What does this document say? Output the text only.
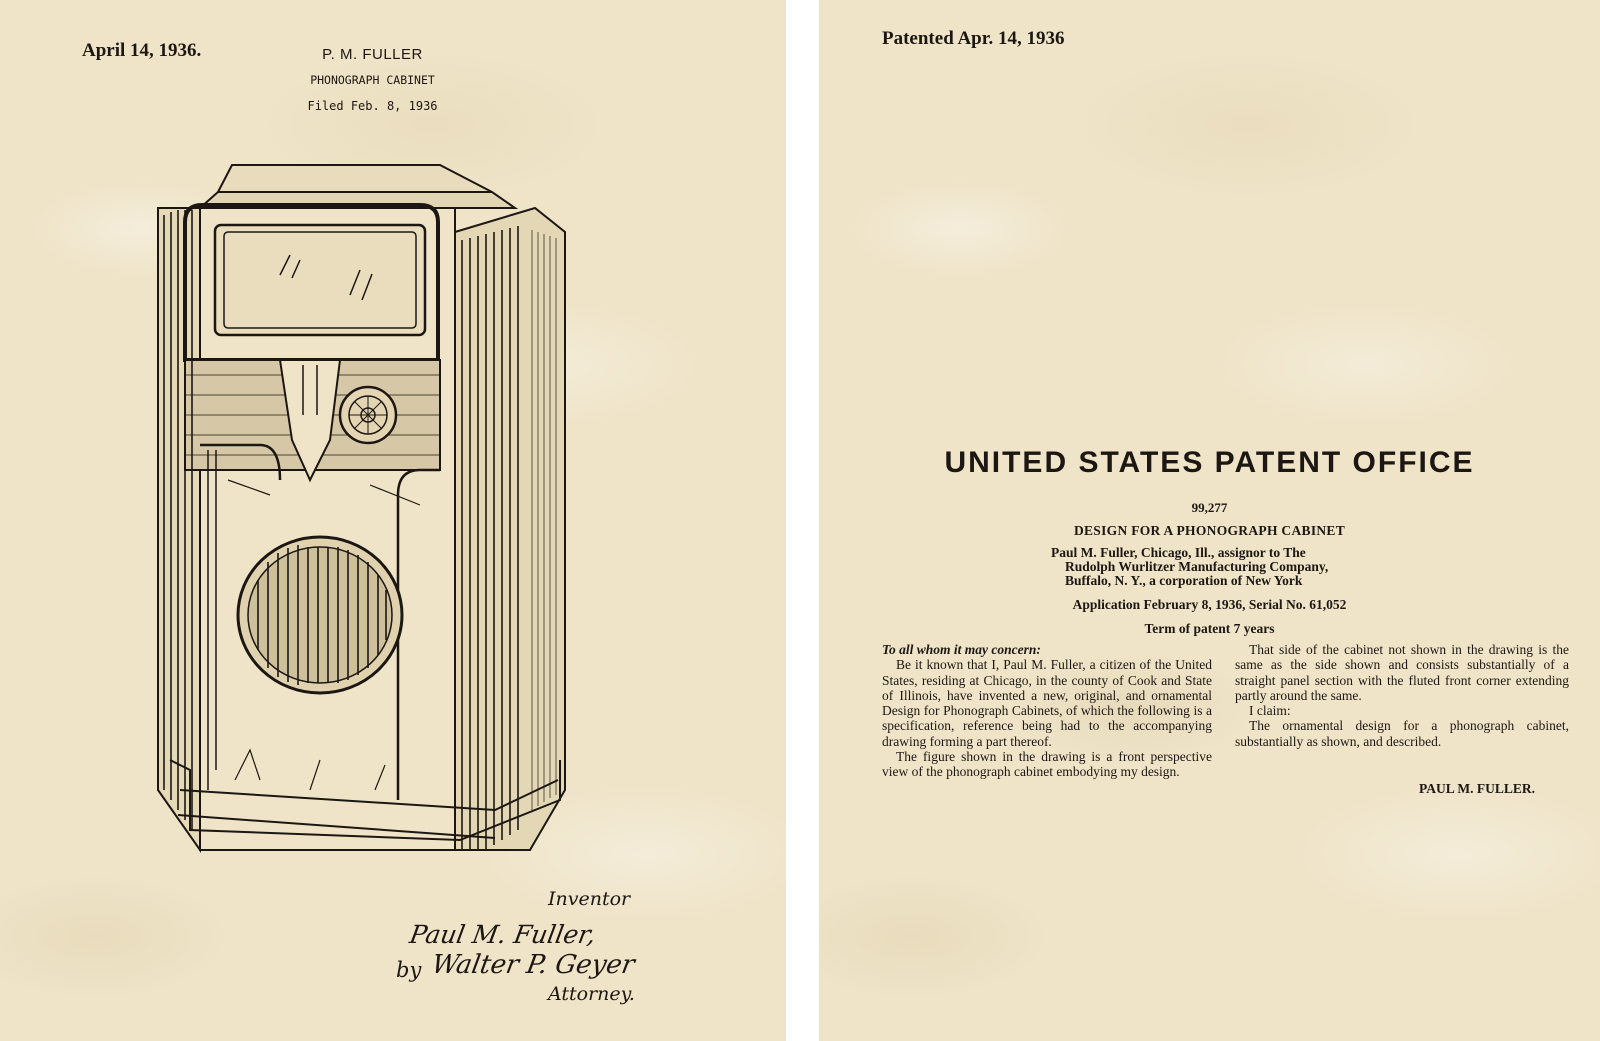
April 14, 1936.	P. M. FULLER
PHONOGRAPH CABINET
Filed Feb. 8, 1936
Inventor
Paul M. Fuller,
by Walter P. Geyer
Attorney.
Patented Apr. 14, 1936
UNITED STATES PATENT OFFICE
99,277
DESIGN FOR A PHONOGRAPH CABINET
Paul M. Fuller, Chicago, Ill., assignor to The
Rudolph Wurlitzer Manufacturing Company,
Buffalo, N. Y., a corporation of New York
Application February 8, 1936, Serial No. 61,052
Term of patent 7 years

To all whom it may concern:

Be it known that I, Paul M. Fuller, a citizen of the United States, residing at Chicago, in the county of Cook and State of Illinois, have invented a new, original, and ornamental Design for Phonograph Cabinets, of which the following is a specification, reference being had to the accompanying drawing forming a part thereof.

The figure shown in the drawing is a front perspective view of the phonograph cabinet embodying my design.

That side of the cabinet not shown in the drawing is the same as the side shown and consists substantially of a straight panel section with the fluted front corner extending partly around the same.

I claim:

The ornamental design for a phonograph cabinet, substantially as shown, and described.

PAUL M. FULLER.
